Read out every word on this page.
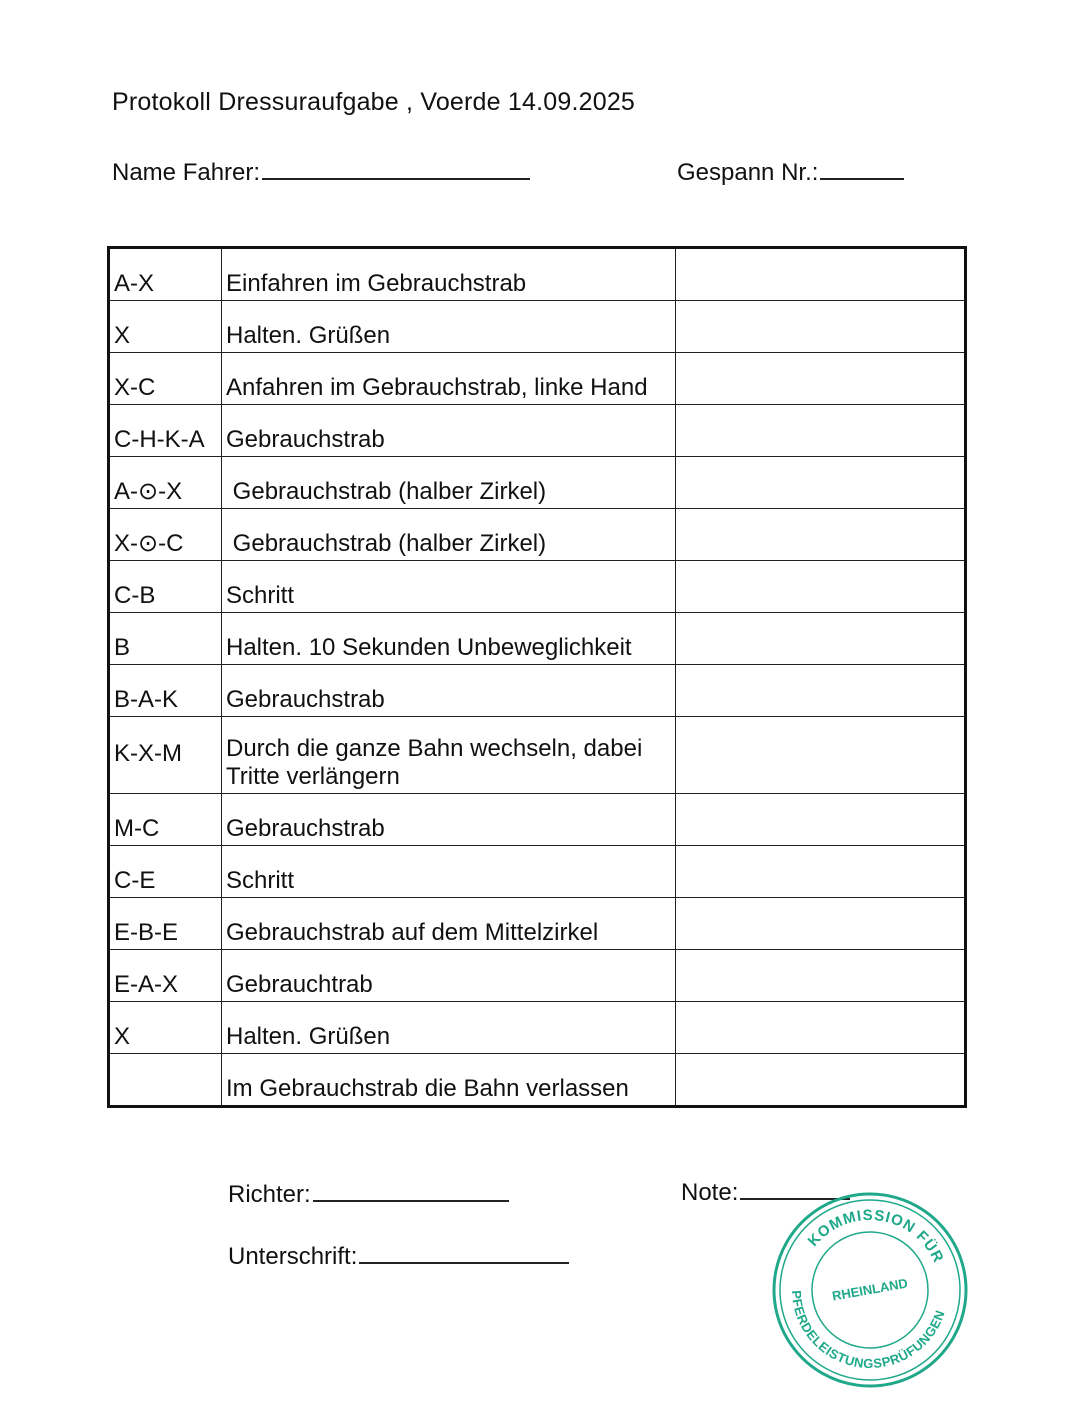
Protokoll Dressuraufgabe , Voerde 14.09.2025
Name Fahrer:	Gespann Nr.:
A-X	Einfahren im Gebrauchstrab	
X	Halten. Grüßen	
X-C	Anfahren im Gebrauchstrab, linke Hand	
C-H-K-A	Gebrauchstrab	
A-⊙-X	Gebrauchstrab (halber Zirkel)	
X-⊙-C	Gebrauchstrab (halber Zirkel)	
C-B	Schritt	
B	Halten. 10 Sekunden Unbeweglichkeit	
B-A-K	Gebrauchstrab	
K-X-M	Durch die ganze Bahn wechseln, dabei Tritte verlängern	
M-C	Gebrauchstrab	
C-E	Schritt	
E-B-E	Gebrauchstrab auf dem Mittelzirkel	
E-A-X	Gebrauchtrab	
X	Halten. Grüßen	
	Im Gebrauchstrab die Bahn verlassen	
Richter:
Unterschrift:
Note:
KOMMISSION FÜR
PFERDELEISTUNGSPRÜFUNGEN
RHEINLAND
